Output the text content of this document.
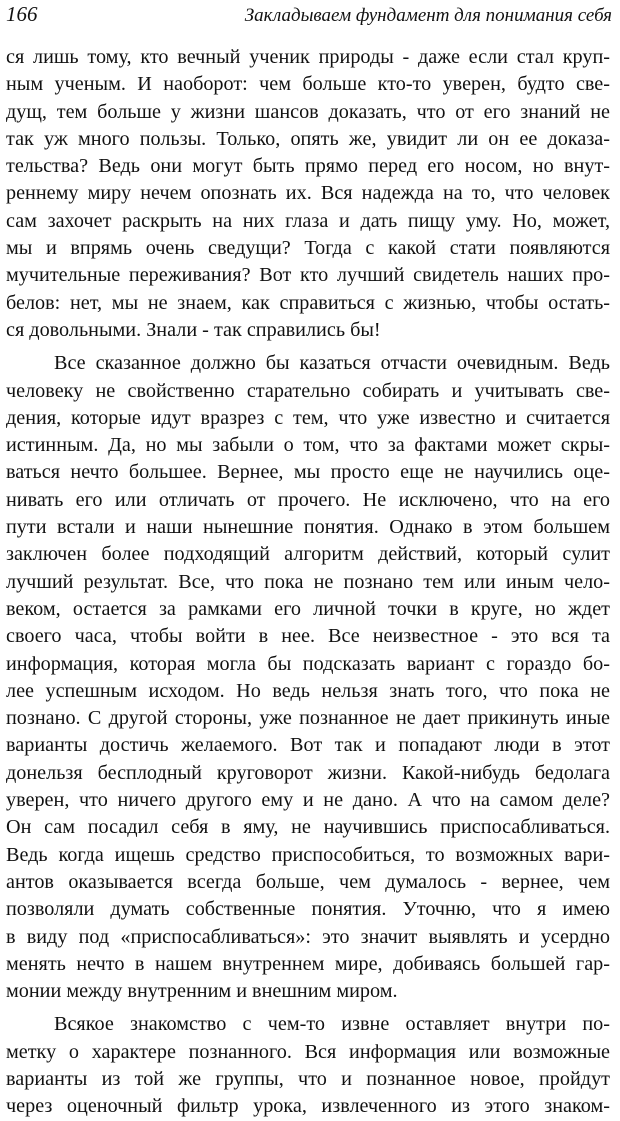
166	Закладываем фундамент для понимания себя
ся лишь тому, кто вечный ученик природы - даже если стал круп-
ным ученым. И наоборот: чем больше кто-то уверен, будто све-
дущ, тем больше у жизни шансов доказать, что от его знаний не
так уж много пользы. Только, опять же, увидит ли он ее доказа-
тельства? Ведь они могут быть прямо перед его носом, но внут-
реннему миру нечем опознать их. Вся надежда на то, что человек
сам захочет раскрыть на них глаза и дать пищу уму. Но, может,
мы и впрямь очень сведущи? Тогда с какой стати появляются
мучительные переживания? Вот кто лучший свидетель наших про-
белов: нет, мы не знаем, как справиться с жизнью, чтобы остать-
ся довольными. Знали - так справились бы!
Все сказанное должно бы казаться отчасти очевидным. Ведь
человеку не свойственно старательно собирать и учитывать све-
дения, которые идут вразрез с тем, что уже известно и считается
истинным. Да, но мы забыли о том, что за фактами может скры-
ваться нечто большее. Вернее, мы просто еще не научились оце-
нивать его или отличать от прочего. Не исключено, что на его
пути встали и наши нынешние понятия. Однако в этом большем
заключен более подходящий алгоритм действий, который сулит
лучший результат. Все, что пока не познано тем или иным чело-
веком, остается за рамками его личной точки в круге, но ждет
своего часа, чтобы войти в нее. Все неизвестное - это вся та
информация, которая могла бы подсказать вариант с гораздо бо-
лее успешным исходом. Но ведь нельзя знать того, что пока не
познано. С другой стороны, уже познанное не дает прикинуть иные
варианты достичь желаемого. Вот так и попадают люди в этот
донельзя бесплодный круговорот жизни. Какой-нибудь бедолага
уверен, что ничего другого ему и не дано. А что на самом деле?
Он сам посадил себя в яму, не научившись приспосабливаться.
Ведь когда ищешь средство приспособиться, то возможных вари-
антов оказывается всегда больше, чем думалось - вернее, чем
позволяли думать собственные понятия. Уточню, что я имею
в виду под «приспосабливаться»: это значит выявлять и усердно
менять нечто в нашем внутреннем мире, добиваясь большей гар-
монии между внутренним и внешним миром.
Всякое знакомство с чем-то извне оставляет внутри по-
метку о характере познанного. Вся информация или возможные
варианты из той же группы, что и познанное новое, пройдут
через оценочный фильтр урока, извлеченного из этого знаком-
